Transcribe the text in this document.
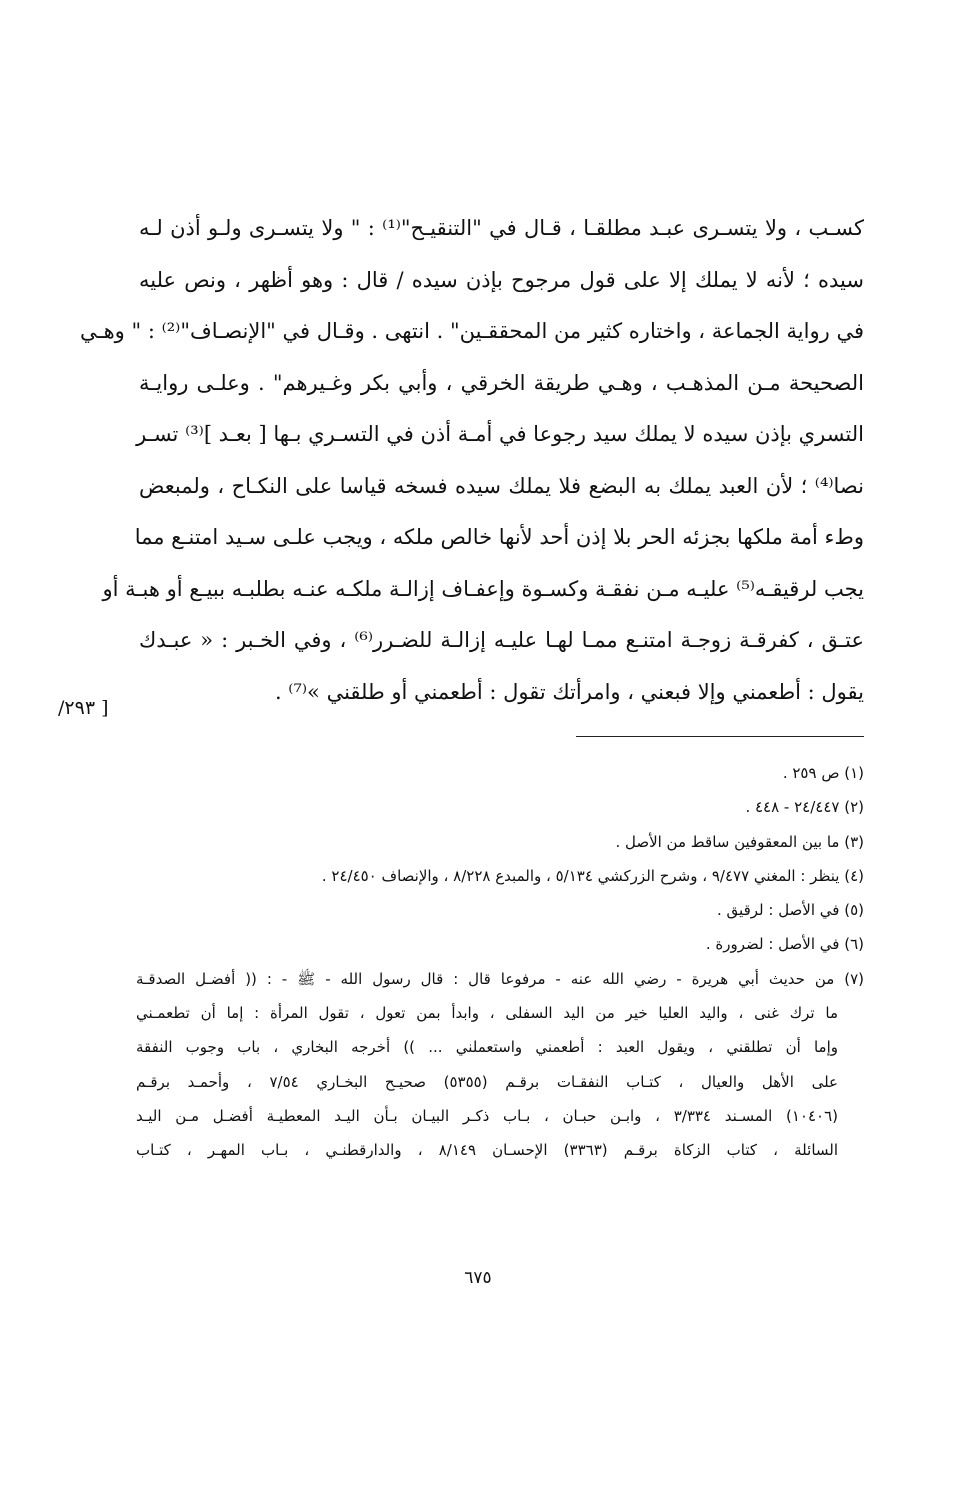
كسـب ، ولا يتسـرى عبـد مطلقـا ، قـال في "التنقيـح"⁽¹⁾ : " ولا يتسـرى ولـو أذن لـه
سيده ؛ لأنه لا يملك إلا على قول مرجوح بإذن سيده / قال : وهو أظهر ، ونص عليه
في رواية الجماعة ، واختاره كثير من المحققـين" . انتهى . وقـال في "الإنصـاف"⁽²⁾ : " وهـي
الصحيحة مـن المذهـب ، وهـي طريقة الخرقي ، وأبي بكر وغـيرهم" . وعلـى روايـة
التسري بإذن سيده لا يملك سيد رجوعا في أمـة أذن في التسـري بـها [ بعـد ]⁽³⁾ تسـر
نصا⁽⁴⁾ ؛ لأن العبد يملك به البضع فلا يملك سيده فسخه قياسا على النكـاح ، ولمبعض
وطء أمة ملكها بجزئه الحر بلا إذن أحد لأنها خالص ملكه ، ويجب علـى سـيد امتنـع مما
يجب لرقيقـه⁽⁵⁾ عليـه مـن نفقـة وكسـوة وإعفـاف إزالـة ملكـه عنـه بطلبـه ببيـع أو هبـة أو
عتـق ، كفرقـة زوجـة امتنـع ممـا لهـا عليـه إزالـة للضـرر⁽⁶⁾ ، وفي الخـبر : « عبـدك
يقول : أطعمني وإلا فبعني ، وامرأتك تقول : أطعمني أو طلقني »⁽⁷⁾ .
/٢٩٣ ]
(١) ص ٢٥٩ .
(٢) ٢٤/٤٤٧ - ٤٤٨ .
(٣) ما بين المعقوفين ساقط من الأصل .
(٤) ينظر : المغني ٩/٤٧٧ ، وشرح الزركشي ٥/١٣٤ ، والمبدع ٨/٢٢٨ ، والإنصاف ٢٤/٤٥٠ .
(٥) في الأصل : لرقيق .
(٦) في الأصل : لضرورة .
(٧) من حديث أبي هريرة - رضي الله عنه - مرفوعا قال : قال رسول الله - ﷺ - : (( أفضـل الصدقـة
ما ترك غنى ، واليد العليا خير من اليد السفلى ، وابدأ بمن تعول ، تقول المرأة : إما أن تطعمـني
وإما أن تطلقني ، ويقول العبد : أطعمني واستعملني ... )) أخرجه البخاري ، باب وجوب النفقة
على الأهل والعيال ، كتـاب النفقـات برقـم (٥٣٥٥) صحيـح البخـاري ٧/٥٤ ، وأحمـد برقـم
(١٠٤٠٦) المسـند ٣/٣٣٤ ، وابـن حبـان ، بـاب ذكـر البيـان بـأن اليـد المعطيـة أفضـل مـن اليـد
السائلة ، كتاب الزكاة برقـم (٣٣٦٣) الإحسـان ٨/١٤٩ ، والدارقطنـي ، بـاب المهـر ، كتـاب
٦٧٥
